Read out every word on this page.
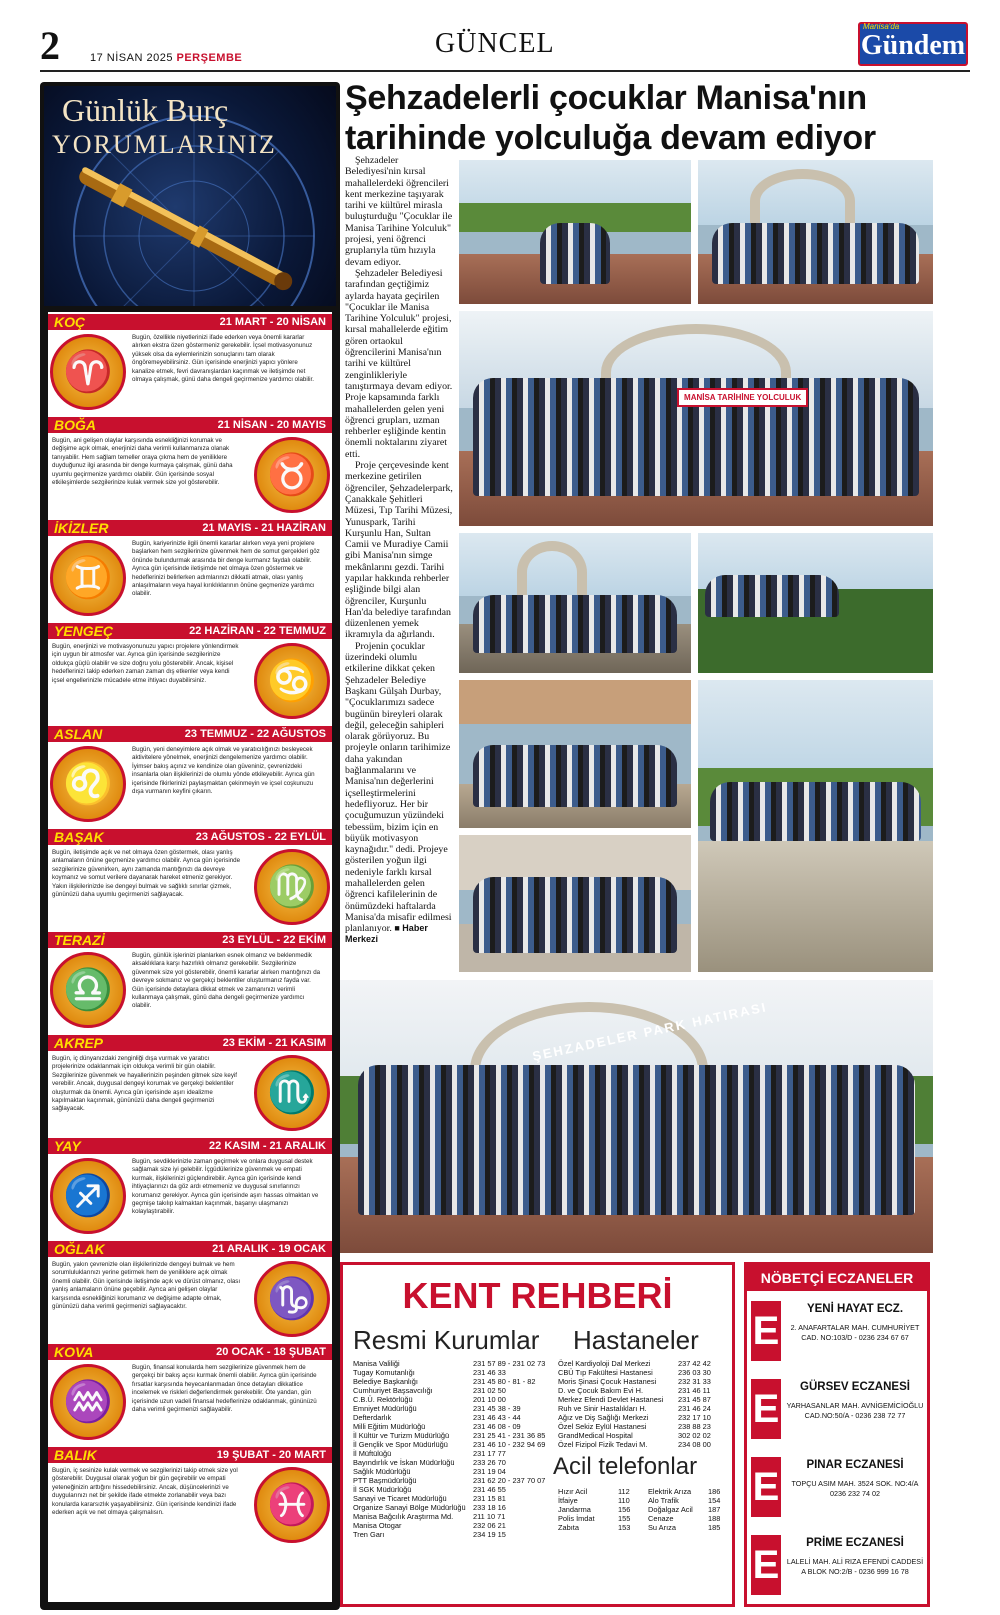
2	17 NİSAN 2025 PERŞEMBE	GÜNCEL
Manisa'da
Gündem
Günlük Burç
YORUMLARINIZ
KOÇ	21 MART - 20 NİSAN
♈
Bugün, özellikle niyetlerinizi ifade ederken veya önemli kararlar alırken ekstra özen göstermeniz gerekebilir. İçsel motivasyonunuz yüksek olsa da eylemlerinizin sonuçlarını tam olarak öngöremeyebilirsiniz. Gün içerisinde enerjinizi yapıcı yönlere kanalize etmek, fevri davranışlardan kaçınmak ve iletişimde net olmaya çalışmak, günü daha dengeli geçirmenize yardımcı olabilir.
BOĞA	21 NİSAN - 20 MAYIS
♉
Bugün, ani gelişen olaylar karşısında esnekliğinizi korumak ve değişime açık olmak, enerjinizi daha verimli kullanmanıza olanak tanıyabilir. Hem sağlam temeller oraya çıkma hem de yeniliklere duyduğunuz ilgi arasında bir denge kurmaya çalışmak, günü daha uyumlu geçirmenize yardımcı olabilir. Gün içerisinde sosyal etkileşimlerde sezgilerinize kulak vermek size yol gösterebilir.
İKİZLER	21 MAYIS - 21 HAZİRAN
♊
Bugün, kariyerinizle ilgili önemli kararlar alırken veya yeni projelere başlarken hem sezgilerinize güvenmek hem de somut gerçekleri göz önünde bulundurmak arasında bir denge kurmanız faydalı olabilir. Ayrıca gün içerisinde iletişimde net olmaya özen göstermek ve hedeflerinizi belirlerken adımlarınızı dikkatli atmak, olası yanlış anlaşılmaların veya hayal kırıklıklarının önüne geçmenize yardımcı olabilir.
YENGEÇ	22 HAZİRAN - 22 TEMMUZ
♋
Bugün, enerjinizi ve motivasyonunuzu yapıcı projelere yönlendirmek için uygun bir atmosfer var. Ayrıca gün içerisinde sezgilerinize oldukça güçlü olabilir ve size doğru yolu gösterebilir. Ancak, kişisel hedeflerinizi takip ederken zaman zaman dış etkenler veya kendi içsel engellerinizle mücadele etme ihtiyacı duyabilirsiniz.
ASLAN	23 TEMMUZ - 22 AĞUSTOS
♌
Bugün, yeni deneyimlere açık olmak ve yaratıcılığınızı besleyecek aktivitelere yönelmek, enerjinizi dengelemenize yardımcı olabilir. İyimser bakış açınız ve kendinize olan güveniniz, çevrenizdeki insanlarla olan ilişkilerinizi de olumlu yönde etkileyebilir. Ayrıca gün içerisinde fikirlerinizi paylaşmaktan çekinmeyin ve içsel coşkunuzu dışa vurmanın keyfini çıkarın.
BAŞAK	23 AĞUSTOS - 22 EYLÜL
♍
Bugün, iletişimde açık ve net olmaya özen göstermek, olası yanlış anlamaların önüne geçmenize yardımcı olabilir. Ayrıca gün içerisinde sezgilerinize güvenirken, aynı zamanda mantığınızı da devreye koymanız ve somut verilere dayanarak hareket etmeniz gerekiyor. Yakın ilişkilerinizde ise dengeyi bulmak ve sağlıklı sınırlar çizmek, gününüzü daha uyumlu geçirmenizi sağlayacak.
TERAZİ	23 EYLÜL - 22 EKİM
♎
Bugün, günlük işlerinizi planlarken esnek olmanız ve beklenmedik aksaklıklara karşı hazırlıklı olmanız gerekebilir. Sezgilerinize güvenmek size yol gösterebilir, önemli kararlar alırken mantığınızı da devreye sokmanız ve gerçekçi beklentiler oluşturmanız fayda var. Gün içerisinde detaylara dikkat etmek ve zamanınızı verimli kullanmaya çalışmak, günü daha dengeli geçirmenize yardımcı olabilir.
AKREP	23 EKİM - 21 KASIM
♏
Bugün, iç dünyanızdaki zenginliği dışa vurmak ve yaratıcı projelerinize odaklanmak için oldukça verimli bir gün olabilir. Sezgilerinize güvenmek ve hayallerinizin peşinden gitmek size keyif verebilir. Ancak, duygusal dengeyi korumak ve gerçekçi beklentiler oluşturmak da önemli. Ayrıca gün içerisinde aşırı idealizme kapılmaktan kaçınmak, gününüzü daha dengeli geçirmenizi sağlayacak.
YAY	22 KASIM - 21 ARALIK
♐
Bugün, sevdiklerinizle zaman geçirmek ve onlara duygusal destek sağlamak size iyi gelebilir. İçgüdülerinize güvenmek ve empati kurmak, ilişkilerinizi güçlendirebilir. Ayrıca gün içerisinde kendi ihtiyaçlarınızı da göz ardı etmemeniz ve duygusal sınırlarınızı korumanız gerekiyor. Ayrıca gün içerisinde aşırı hassas olmaktan ve geçmişe takılıp kalmaktan kaçınmak, başarıyı ulaşmanızı kolaylaştırabilir.
OĞLAK	21 ARALIK - 19 OCAK
♑
Bugün, yakın çevrenizle olan ilişkilerinizde dengeyi bulmak ve hem sorumluluklarınızı yerine getirmek hem de yeniliklere açık olmak önemli olabilir. Gün içerisinde iletişimde açık ve dürüst olmanız, olası yanlış anlamaların önüne geçebilir. Ayrıca ani gelişen olaylar karşısında esnekliğinizi korumanız ve değişime adapte olmak, gününüzü daha verimli geçirmenizi sağlayacaktır.
KOVA	20 OCAK - 18 ŞUBAT
♒
Bugün, finansal konularda hem sezgilerinize güvenmek hem de gerçekçi bir bakış açısı kurmak önemli olabilir. Ayrıca gün içerisinde fırsatlar karşısında heyecanlanmadan önce detayları dikkatlice incelemek ve riskleri değerlendirmek gerekebilir. Öte yandan, gün içerisinde uzun vadeli finansal hedeflerinize odaklanmak, gününüzü daha verimli geçirmenizi sağlayabilir.
BALIK	19 ŞUBAT - 20 MART
♓
Bugün, iç sesinize kulak vermek ve sezgilerinizi takip etmek size yol gösterebilir. Duygusal olarak yoğun bir gün geçirebilir ve empati yeteneğinizin arttığını hissedebilirsiniz. Ancak, düşüncelerinizi ve duygularınızı net bir şekilde ifade etmekte zorlanabilir veya bazı konularda kararsızlık yaşayabilirsiniz. Gün içerisinde kendinizi ifade ederken açık ve net olmaya çalışmalısın.
Şehzadelerli çocuklar Manisa'nın tarihinde yolculuğa devam ediyor

Şehzadeler Belediyesi'nin kırsal mahallelerdeki öğrencileri kent merkezine taşıyarak tarihi ve kültürel mirasla buluşturduğu "Çocuklar ile Manisa Tarihine Yolculuk" projesi, yeni öğrenci gruplarıyla tüm hızıyla devam ediyor.

Şehzadeler Belediyesi tarafından geçtiğimiz aylarda hayata geçirilen "Çocuklar ile Manisa Tarihine Yolculuk" projesi, kırsal mahallelerde eğitim gören ortaokul öğrencilerini Manisa'nın tarihi ve kültürel zenginlikleriyle tanıştırmaya devam ediyor. Proje kapsamında farklı mahallelerden gelen yeni öğrenci grupları, uzman rehberler eşliğinde kentin önemli noktalarını ziyaret etti.

Proje çerçevesinde kent merkezine getirilen öğrenciler, Şehzadelerpark, Çanakkale Şehitleri Müzesi, Tıp Tarihi Müzesi, Yunuspark, Tarihi Kurşunlu Han, Sultan Camii ve Muradiye Camii gibi Manisa'nın simge mekânlarını gezdi. Tarihi yapılar hakkında rehberler eşliğinde bilgi alan öğrenciler, Kurşunlu Han'da belediye tarafından düzenlenen yemek ikramıyla da ağırlandı.

Projenin çocuklar üzerindeki olumlu etkilerine dikkat çeken Şehzadeler Belediye Başkanı Gülşah Durbay, "Çocuklarımızı sadece bugünün bireyleri olarak değil, geleceğin sahipleri olarak görüyoruz. Bu projeyle onların tarihimize daha yakından bağlanmalarını ve Manisa'nın değerlerini içselleştirmelerini hedefliyoruz. Her bir çocuğumuzun yüzündeki tebessüm, bizim için en büyük motivasyon kaynağıdır." dedi. Projeye gösterilen yoğun ilgi nedeniyle farklı kırsal mahallelerden gelen öğrenci kafilelerinin de önümüzdeki haftalarda Manisa'da misafir edilmesi planlanıyor. ■ Haber Merkezi

MANİSA TARİHİNE YOLCULUK
ŞEHZADELER PARK HATIRASI
KENT REHBERİ
Resmi Kurumlar Hastaneler
Acil telefonlar
Manisa Valiliği	231 57 89 - 231 02 73
Tugay Komutanlığı	231 46 33
Belediye Başkanlığı	231 45 80 - 81 - 82
Cumhuriyet Başsavcılığı	231 02 50
C.B.Ü. Rektörlüğü	201 10 00
Emniyet Müdürlüğü	231 45 38 - 39
Defterdarlık	231 46 43 - 44
Milli Eğitim Müdürlüğü	231 46 08 - 09
İl Kültür ve Turizm Müdürlüğü	231 25 41 - 231 36 85
İl Gençlik ve Spor Müdürlüğü	231 46 10 - 232 94 69
İl Müftülüğü	231 17 77
Bayındırlık ve İskan Müdürlüğü	233 26 70
Sağlık Müdürlüğü	231 19 04
PTT Başmüdürlüğü	231 62 20 - 237 70 07
İl SGK Müdürlüğü	231 46 55
Sanayi ve Ticaret Müdürlüğü	231 15 81
Organize Sanayi Bölge Müdürlüğü 233 18 16
Manisa Bağcılık Araştırma Md.	211 10 71
Manisa Otogar	232 06 21
Tren Garı	234 19 15
Özel Kardiyoloji Dal Merkezi	237 42 42
CBÜ Tıp Fakültesi Hastanesi	236 03 30
Moris Şinasi Çocuk Hastanesi	232 31 33
D. ve Çocuk Bakım Evi H.	231 46 11
Merkez Efendi Devlet Hastanesi 231 45 87
Ruh ve Sinir Hastalıkları H.	231 46 24
Ağız ve Diş Sağlığı Merkezi	232 17 10
Özel Sekiz Eylül Hastanesi	238 88 23
GrandMedical Hospital	302 02 02
Özel Fizipol Fizik Tedavi M.	234 08 00
Hızır Acil	112
İtfaiye	110
Jandarma	156
Polis İmdat	155
Zabıta	153
Elektrik Arıza 186
Alo Trafik	154
Doğalgaz Acil 187
Cenaze	188
Su Arıza	185
NÖBETÇİ ECZANELER
E	YENİ HAYAT ECZ.
2. ANAFARTALAR MAH. CUMHURİYET CAD. NO:103/D - 0236 234 67 67
E	GÜRSEV ECZANESİ
YARHASANLAR MAH. AVNİGEMİCİOĞLU CAD.NO:50/A - 0236 238 72 77
E	PINAR ECZANESİ
TOPÇU ASIM MAH. 3524 SOK. NO:4/A 0236 232 74 02
E	PRİME ECZANESİ
LALELİ MAH. ALİ RIZA EFENDİ CADDESİ A BLOK NO:2/B - 0236 999 16 78
